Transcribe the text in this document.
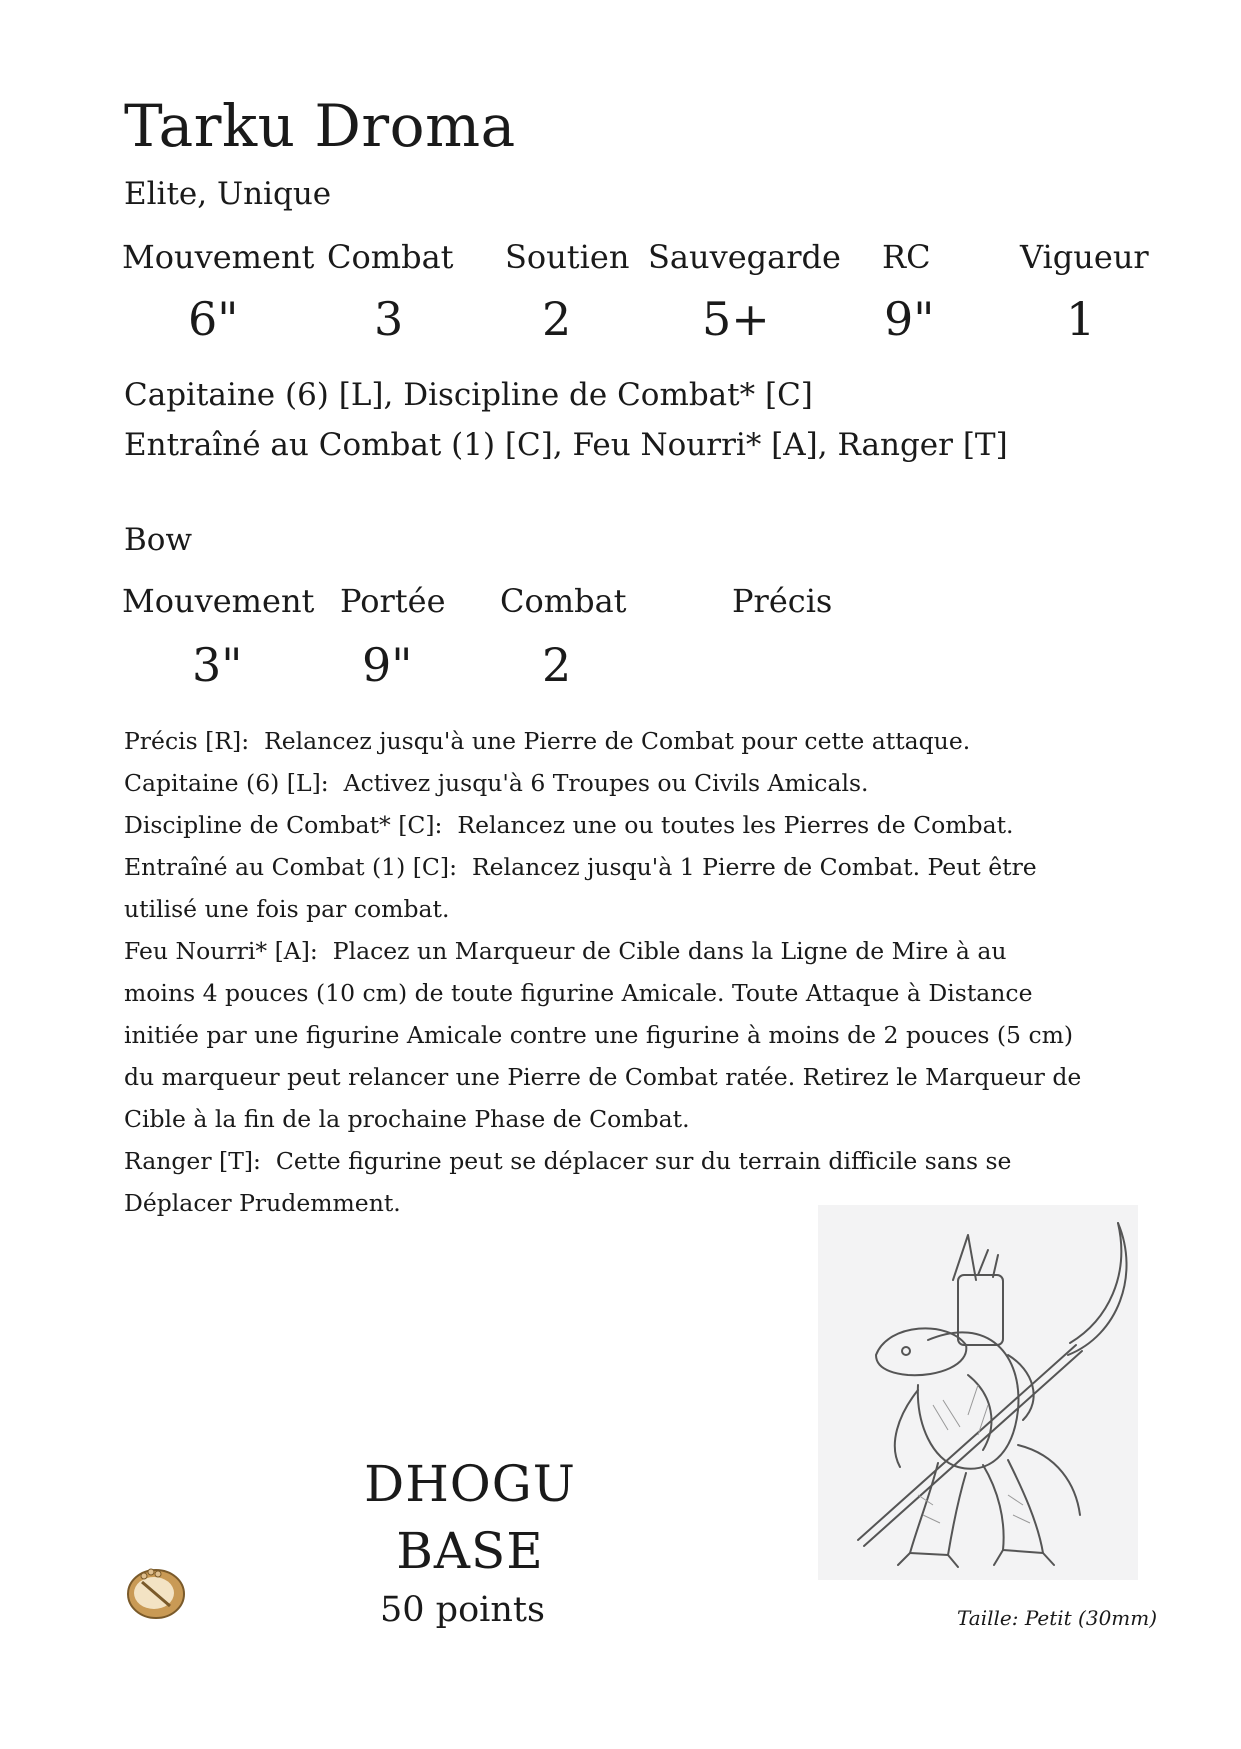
Tarku Droma
Elite, Unique
Mouvement Combat Soutien Sauvegarde RC	Vigueur
6"	3	2	5+ 9"	1
Capitaine (6) [L], Discipline de Combat* [C]
Entraîné au Combat (1) [C], Feu Nourri* [A], Ranger [T]
Bow
Mouvement Portée Combat	Précis
3"	9"	2

Précis [R]: Relancez jusqu'à une Pierre de Combat pour cette attaque.

Capitaine (6) [L]: Activez jusqu'à 6 Troupes ou Civils Amicals.

Discipline de Combat* [C]: Relancez une ou toutes les Pierres de Combat.

Entraîné au Combat (1) [C]: Relancez jusqu'à 1 Pierre de Combat. Peut être utilisé une fois par combat.

Feu Nourri* [A]: Placez un Marqueur de Cible dans la Ligne de Mire à au moins 4 pouces (10 cm) de toute figurine Amicale. Toute Attaque à Distance initiée par une figurine Amicale contre une figurine à moins de 2 pouces (5 cm) du marqueur peut relancer une Pierre de Combat ratée. Retirez le Marqueur de Cible à la fin de la prochaine Phase de Combat.

Ranger [T]: Cette figurine peut se déplacer sur du terrain difficile sans se Déplacer Prudemment.

DHOGU
BASE
50 points	Taille: Petit (30mm)
